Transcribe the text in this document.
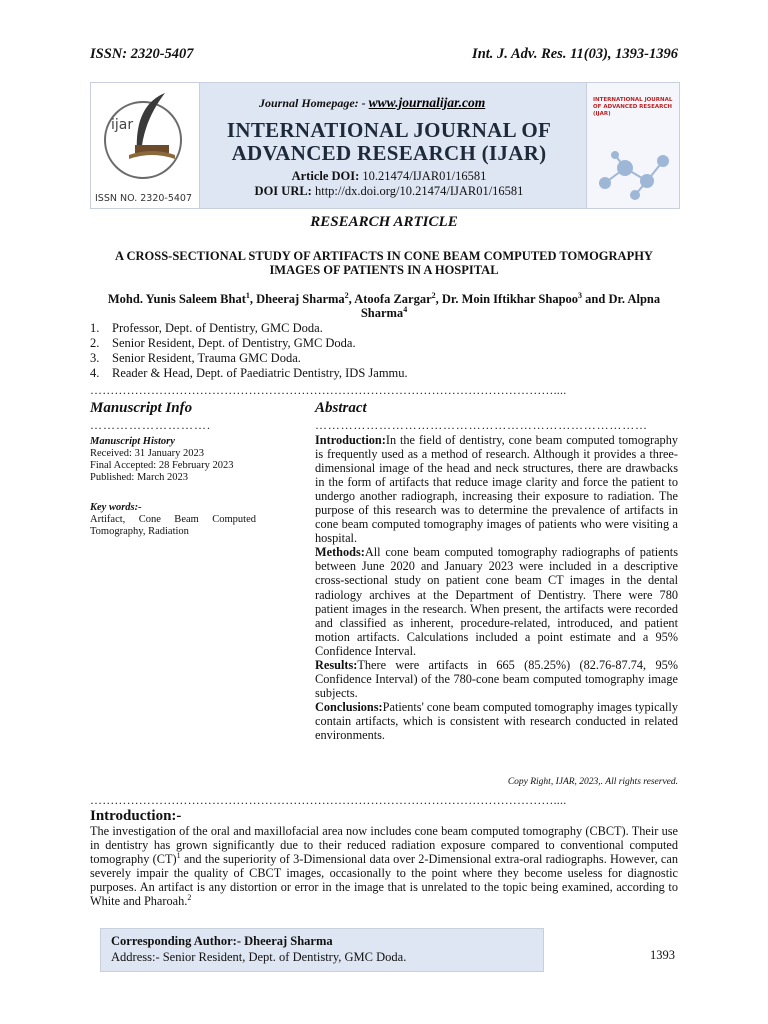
ISSN: 2320-5407	Int. J. Adv. Res. 11(03), 1393-1396
ijar
ISSN NO. 2320-5407
Journal Homepage: - www.journalijar.com
INTERNATIONAL JOURNAL OF
ADVANCED RESEARCH (IJAR)
Article DOI: 10.21474/IJAR01/16581
DOI URL: http://dx.doi.org/10.21474/IJAR01/16581
INTERNATIONAL JOURNAL OF ADVANCED RESEARCH (IJAR)
RESEARCH ARTICLE
A CROSS-SECTIONAL STUDY OF ARTIFACTS IN CONE BEAM COMPUTED TOMOGRAPHY
IMAGES OF PATIENTS IN A HOSPITAL
Mohd. Yunis Saleem Bhat$^1$, Dheeraj Sharma$^2$, Atoofa Zargar$^2$, Dr. Moin Iftikhar Shapoo$^3$ and Dr. Alpna Sharma$^4$
1. Professor, Dept. of Dentistry, GMC Doda.
2. Senior Resident, Dept. of Dentistry, GMC Doda.
3. Senior Resident, Trauma GMC Doda.
4. Reader & Head, Dept. of Paediatric Dentistry, IDS Jammu.
……………………………………………………………………………………………………....
Manuscript Info
……………………….
Manuscript History
Received: 31 January 2023
Final Accepted: 28 February 2023
Published: March 2023
Key words:-
Artifact, Cone Beam Computed Tomography, Radiation
Abstract
……………………………………………………………………

Introduction:In the field of dentistry, cone beam computed tomography is frequently used as a method of research. Although it provides a three-dimensional image of the head and neck structures, there are drawbacks in the form of artifacts that reduce image clarity and force the patient to undergo another radiograph, increasing their exposure to radiation. The purpose of this research was to determine the prevalence of artifacts in cone beam computed tomography images of patients who were visiting a hospital.

Methods:All cone beam computed tomography radiographs of patients between June 2020 and January 2023 were included in a descriptive cross-sectional study on patient cone beam CT images in the dental radiology archives at the Department of Dentistry. There were 780 patient images in the research. When present, the artifacts were recorded and classified as inherent, procedure-related, introduced, and patient motion artifacts. Calculations included a point estimate and a 95% Confidence Interval.

Results:There were artifacts in 665 (85.25%) (82.76-87.74, 95% Confidence Interval) of the 780-cone beam computed tomography image subjects.

Conclusions:Patients' cone beam computed tomography images typically contain artifacts, which is consistent with research conducted in related environments.

Copy Right, IJAR, 2023,. All rights reserved.
……………………………………………………………………………………………………....
Introduction:-
The investigation of the oral and maxillofacial area now includes cone beam computed tomography (CBCT). Their use in dentistry has grown significantly due to their reduced radiation exposure compared to conventional computed tomography (CT)$^1$ and the superiority of 3-Dimensional data over 2-Dimensional extra-oral radiographs. However, can severely impair the quality of CBCT images, occasionally to the point where they become useless for diagnostic purposes. An artifact is any distortion or error in the image that is unrelated to the topic being examined, according to White and Pharoah.$^2$
Corresponding Author:- Dheeraj Sharma
Address:- Senior Resident, Dept. of Dentistry, GMC Doda.	1393
